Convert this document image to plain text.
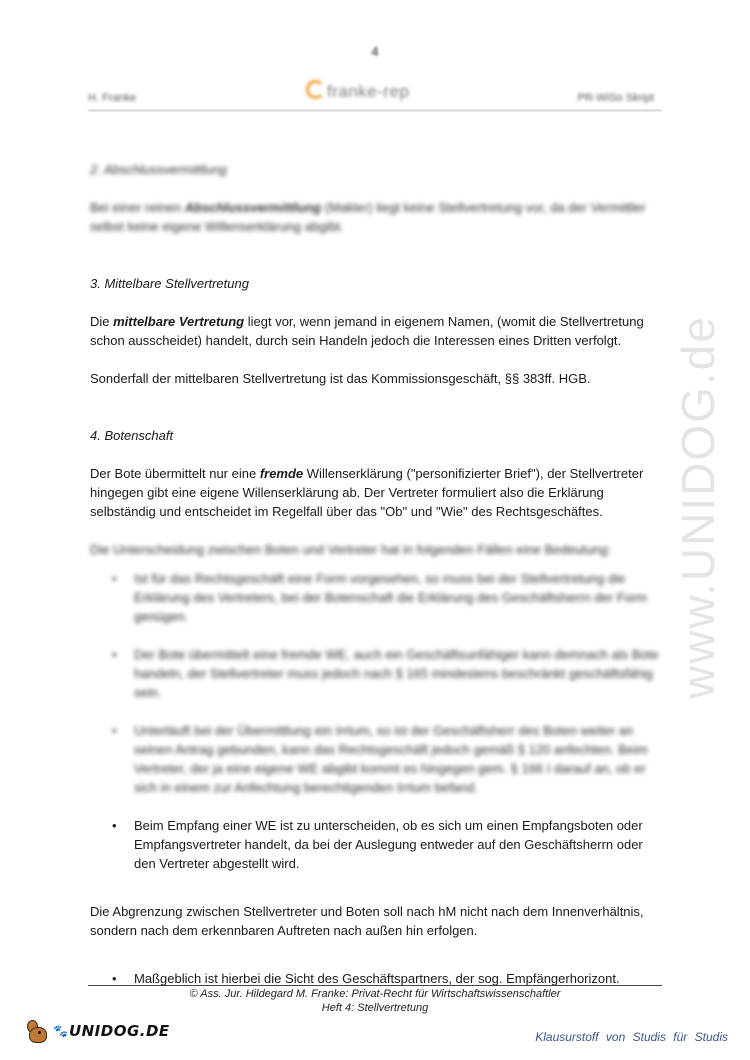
4
H. Franke	franke-rep	PR-WiSo Skript
www.UNIDOG.de

2. Abschlussvermittlung

Bei einer reinen Abschlussvermittlung (Makler) liegt keine Stellvertretung vor, da der Vermittler selbst keine eigene Willenserklärung abgibt.

3. Mittelbare Stellvertretung

Die mittelbare Vertretung liegt vor, wenn jemand in eigenem Namen, (womit die Stellvertretung schon ausscheidet) handelt, durch sein Handeln jedoch die Interessen eines Dritten verfolgt.

Sonderfall der mittelbaren Stellvertretung ist das Kommissionsgeschäft, §§ 383ff. HGB.

4. Botenschaft

Der Bote übermittelt nur eine fremde Willenserklärung ("personifizierter Brief"), der Stellvertreter hingegen gibt eine eigene Willenserklärung ab. Der Vertreter formuliert also die Erklärung selbständig und entscheidet im Regelfall über das "Ob" und "Wie" des Rechtsgeschäftes.

Die Unterscheidung zwischen Boten und Vertreter hat in folgenden Fällen eine Bedeutung:

• Ist für das Rechtsgeschäft eine Form vorgesehen, so muss bei der Stellvertretung die Erklärung des Vertreters, bei der Botenschaft die Erklärung des Geschäftsherrn der Form genügen.
• Der Bote übermittelt eine fremde WE, auch ein Geschäftsunfähiger kann demnach als Bote handeln, der Stellvertreter muss jedoch nach § 165 mindestens beschränkt geschäftsfähig sein.
• Unterläuft bei der Übermittlung ein Irrtum, so ist der Geschäftsherr des Boten weiter an seinen Antrag gebunden, kann das Rechtsgeschäft jedoch gemäß § 120 anfechten. Beim Vertreter, der ja eine eigene WE abgibt kommt es hingegen gem. § 166 I darauf an, ob er sich in einem zur Anfechtung berechtigenden Irrtum befand.
• Beim Empfang einer WE ist zu unterscheiden, ob es sich um einen Empfangsboten oder Empfangsvertreter handelt, da bei der Auslegung entweder auf den Geschäftsherrn oder den Vertreter abgestellt wird.

Die Abgrenzung zwischen Stellvertreter und Boten soll nach hM nicht nach dem Innenverhältnis, sondern nach dem erkennbaren Auftreten nach außen hin erfolgen.

• Maßgeblich ist hierbei die Sicht des Geschäftspartners, der sog. Empfängerhorizont.
© Ass. Jur. Hildegard M. Franke: Privat-Recht für Wirtschaftswissenschaftler
Heft 4: Stellvertretung
🐾 UNIDOG.DE	Klausurstoff von Studis für Studis
